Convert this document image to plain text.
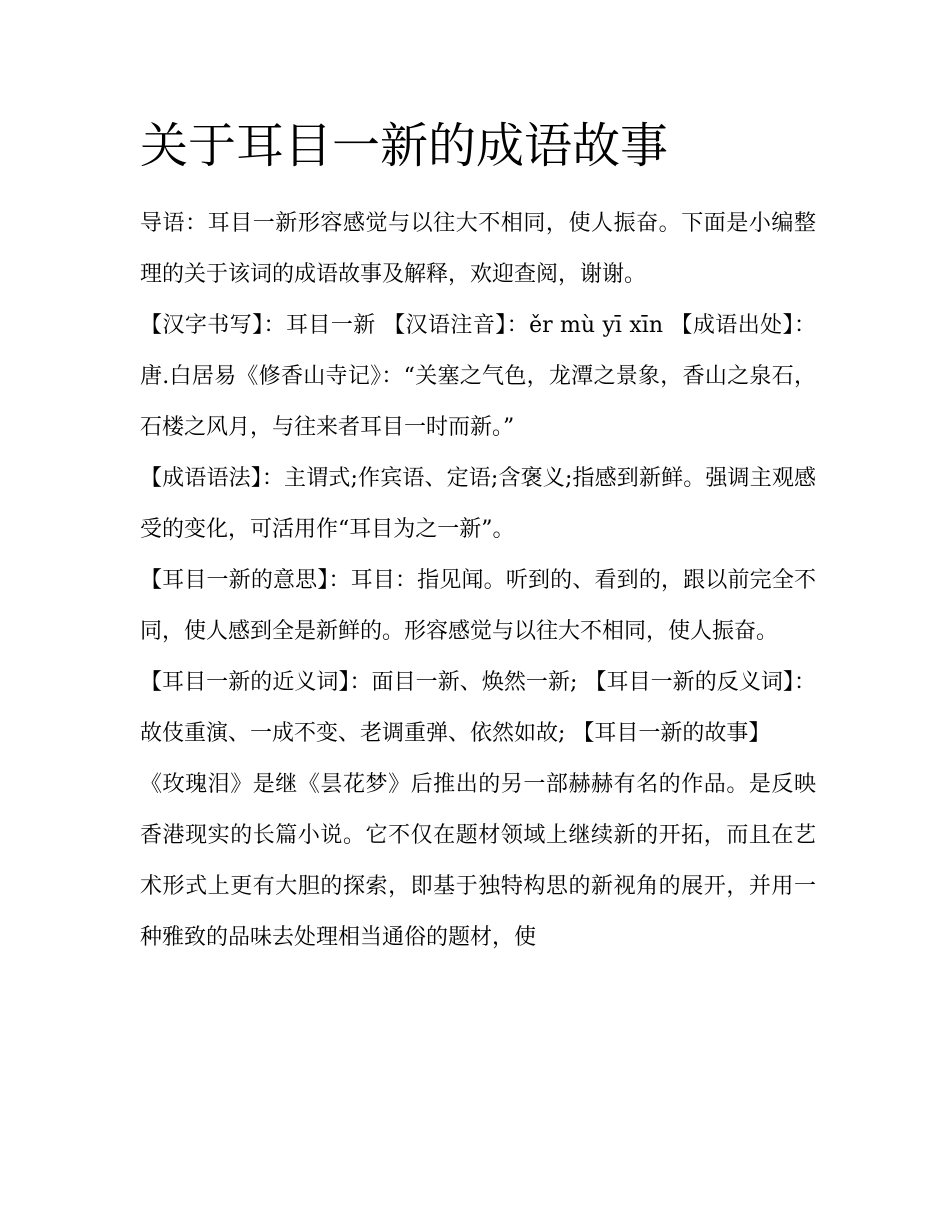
关于耳目一新的成语故事

导语：耳目一新形容感觉与以往大不相同，使人振奋。下面是小编整理的关于该词的成语故事及解释，欢迎查阅，谢谢。

【汉字书写】：耳目一新 【汉语注音】：ěr mù yī xīn 【成语出处】：唐.白居易《修香山寺记》：“关塞之气色，龙潭之景象，香山之泉石，石楼之风月，与往来者耳目一时而新。”

【成语语法】：主谓式;作宾语、定语;含褒义;指感到新鲜。强调主观感受的变化，可活用作“耳目为之一新”。

【耳目一新的意思】：耳目：指见闻。听到的、看到的，跟以前完全不同，使人感到全是新鲜的。形容感觉与以往大不相同，使人振奋。

【耳目一新的近义词】：面目一新、焕然一新; 【耳目一新的反义词】：故伎重演、一成不变、老调重弹、依然如故; 【耳目一新的故事】

《玫瑰泪》是继《昙花梦》后推出的另一部赫赫有名的作品。是反映香港现实的长篇小说。它不仅在题材领域上继续新的开拓，而且在艺术形式上更有大胆的探索，即基于独特构思的新视角的展开，并用一种雅致的品味去处理相当通俗的题材，使
